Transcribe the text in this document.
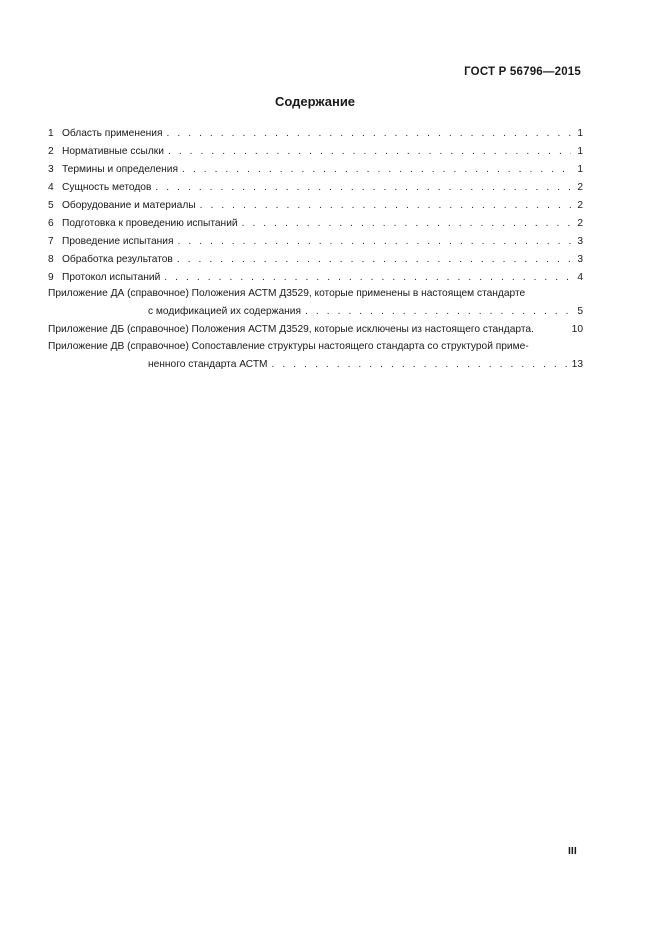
ГОСТ Р 56796—2015
Содержание
1 Область применения . . .	1
2 Нормативные ссылки . . .	1
3 Термины и определения . . .	1
4 Сущность методов . . .	2
5 Оборудование и материалы . . .	2
6 Подготовка к проведению испытаний . . .	2
7 Проведение испытания . . .	3
8 Обработка результатов . . .	3
9 Протокол испытаний . . .	4
Приложение ДА (справочное) Положения АСТМ Д3529, которые применены в настоящем стандарте
с модификацией их содержания . . .	5
Приложение ДБ (справочное) Положения АСТМ Д3529, которые исключены из настоящего стандарта.	10
Приложение ДВ (справочное) Сопоставление структуры настоящего стандарта со структурой приме-
ненного стандарта АСТМ . . .	13
III
